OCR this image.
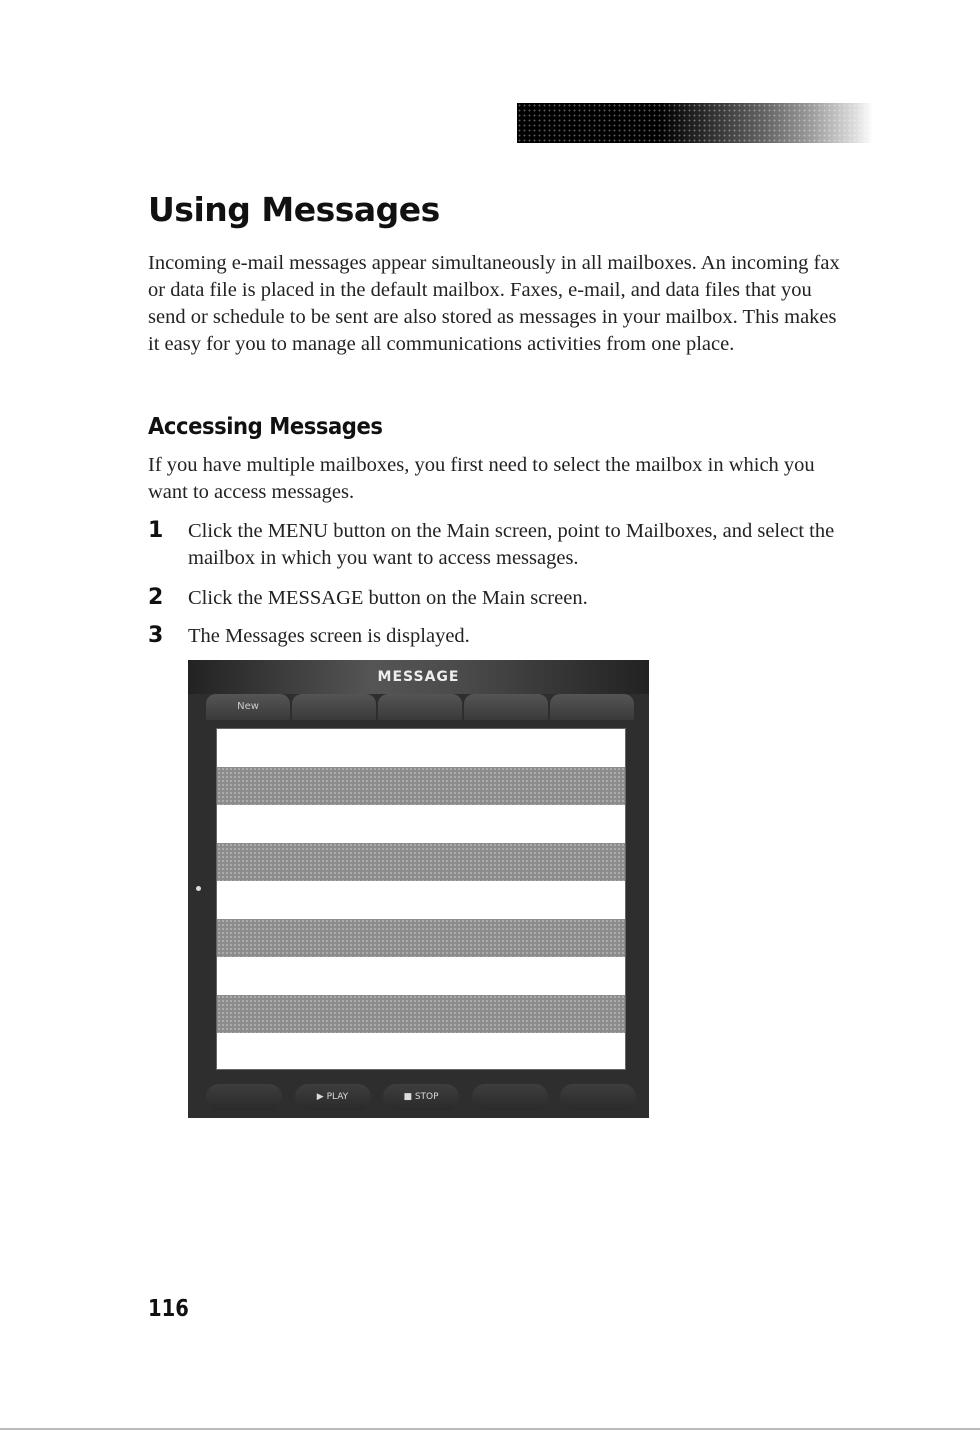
Using Messages

Incoming e-mail messages appear simultaneously in all mailboxes. An incoming fax or data file is placed in the default mailbox. Faxes, e-mail, and data files that you send or schedule to be sent are also stored as messages in your mailbox. This makes it easy for you to manage all communications activities from one place.

Accessing Messages

If you have multiple mailboxes, you first need to select the mailbox in which you want to access messages.

1 Click the MENU button on the Main screen, point to Mailboxes, and select the mailbox in which you want to access messages.
2 Click the MESSAGE button on the Main screen.
3 The Messages screen is displayed.
MESSAGE
New
▶ PLAY	■ STOP
116
